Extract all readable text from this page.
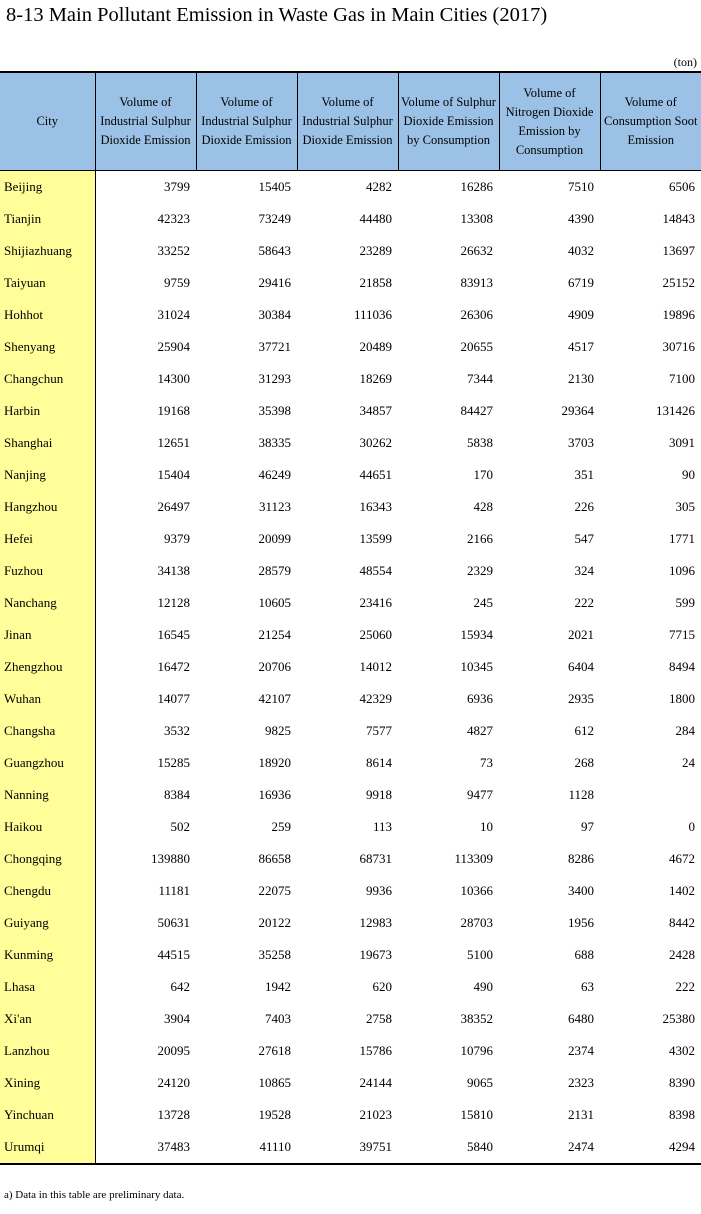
8-13 Main Pollutant Emission in Waste Gas in Main Cities (2017)
(ton)
City	Volume of Industrial Sulphur Dioxide Emission	Volume of Industrial Sulphur Dioxide Emission	Volume of Industrial Sulphur Dioxide Emission	Volume of Sulphur Dioxide Emission by Consumption	Volume of Nitrogen Dioxide Emission by Consumption	Volume of Consumption Soot Emission
Beijing	3799	15405	4282	16286	7510	6506
Tianjin	42323	73249	44480	13308	4390	14843
Shijiazhuang	33252	58643	23289	26632	4032	13697
Taiyuan	9759	29416	21858	83913	6719	25152
Hohhot	31024	30384	111036	26306	4909	19896
Shenyang	25904	37721	20489	20655	4517	30716
Changchun	14300	31293	18269	7344	2130	7100
Harbin	19168	35398	34857	84427	29364	131426
Shanghai	12651	38335	30262	5838	3703	3091
Nanjing	15404	46249	44651	170	351	90
Hangzhou	26497	31123	16343	428	226	305
Hefei	9379	20099	13599	2166	547	1771
Fuzhou	34138	28579	48554	2329	324	1096
Nanchang	12128	10605	23416	245	222	599
Jinan	16545	21254	25060	15934	2021	7715
Zhengzhou	16472	20706	14012	10345	6404	8494
Wuhan	14077	42107	42329	6936	2935	1800
Changsha	3532	9825	7577	4827	612	284
Guangzhou	15285	18920	8614	73	268	24
Nanning	8384	16936	9918	9477	1128	
Haikou	502	259	113	10	97	0
Chongqing	139880	86658	68731	113309	8286	4672
Chengdu	11181	22075	9936	10366	3400	1402
Guiyang	50631	20122	12983	28703	1956	8442
Kunming	44515	35258	19673	5100	688	2428
Lhasa	642	1942	620	490	63	222
Xi'an	3904	7403	2758	38352	6480	25380
Lanzhou	20095	27618	15786	10796	2374	4302
Xining	24120	10865	24144	9065	2323	8390
Yinchuan	13728	19528	21023	15810	2131	8398
Urumqi	37483	41110	39751	5840	2474	4294
a) Data in this table are preliminary data.
